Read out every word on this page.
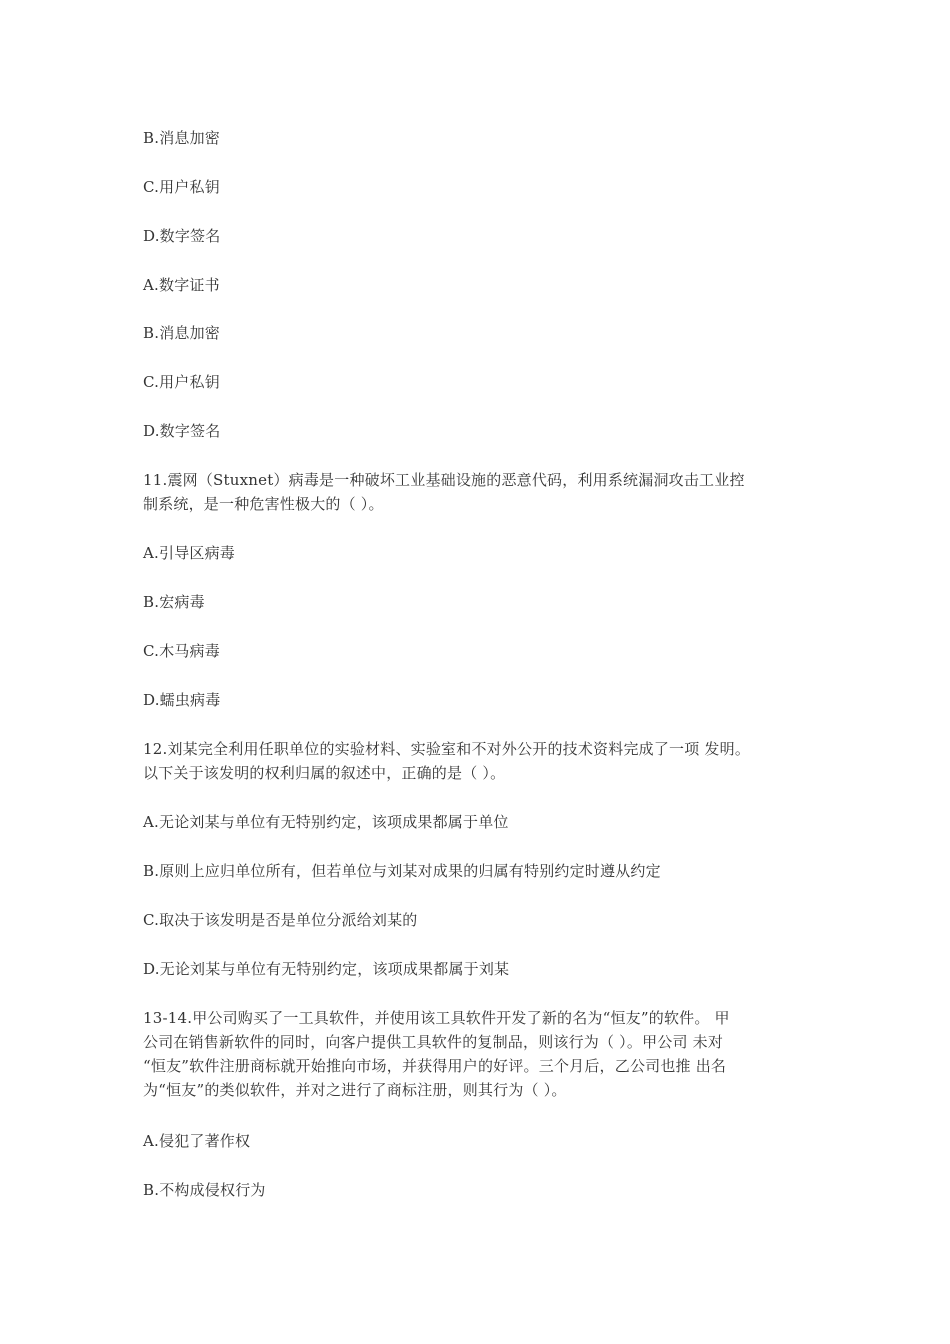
B.消息加密
C.用户私钥
D.数字签名
A.数字证书
B.消息加密
C.用户私钥
D.数字签名
11.震网（Stuxnet）病毒是一种破坏工业基础设施的恶意代码，利用系统漏洞攻击工业控
制系统，是一种危害性极大的（ ）。
A.引导区病毒
B.宏病毒
C.木马病毒
D.蠕虫病毒
12.刘某完全利用任职单位的实验材料、实验室和不对外公开的技术资料完成了一项 发明。
以下关于该发明的权利归属的叙述中，正确的是（ ）。
A.无论刘某与单位有无特别约定，该项成果都属于单位
B.原则上应归单位所有，但若单位与刘某对成果的归属有特别约定时遵从约定
C.取决于该发明是否是单位分派给刘某的
D.无论刘某与单位有无特别约定，该项成果都属于刘某
13-14.甲公司购买了一工具软件，并使用该工具软件开发了新的名为“恒友”的软件。 甲
公司在销售新软件的同时，向客户提供工具软件的复制品，则该行为（ ）。甲公司 未对
“恒友”软件注册商标就开始推向市场，并获得用户的好评。三个月后，乙公司也推 出名
为“恒友”的类似软件，并对之进行了商标注册，则其行为（ ）。
A.侵犯了著作权
B.不构成侵权行为
